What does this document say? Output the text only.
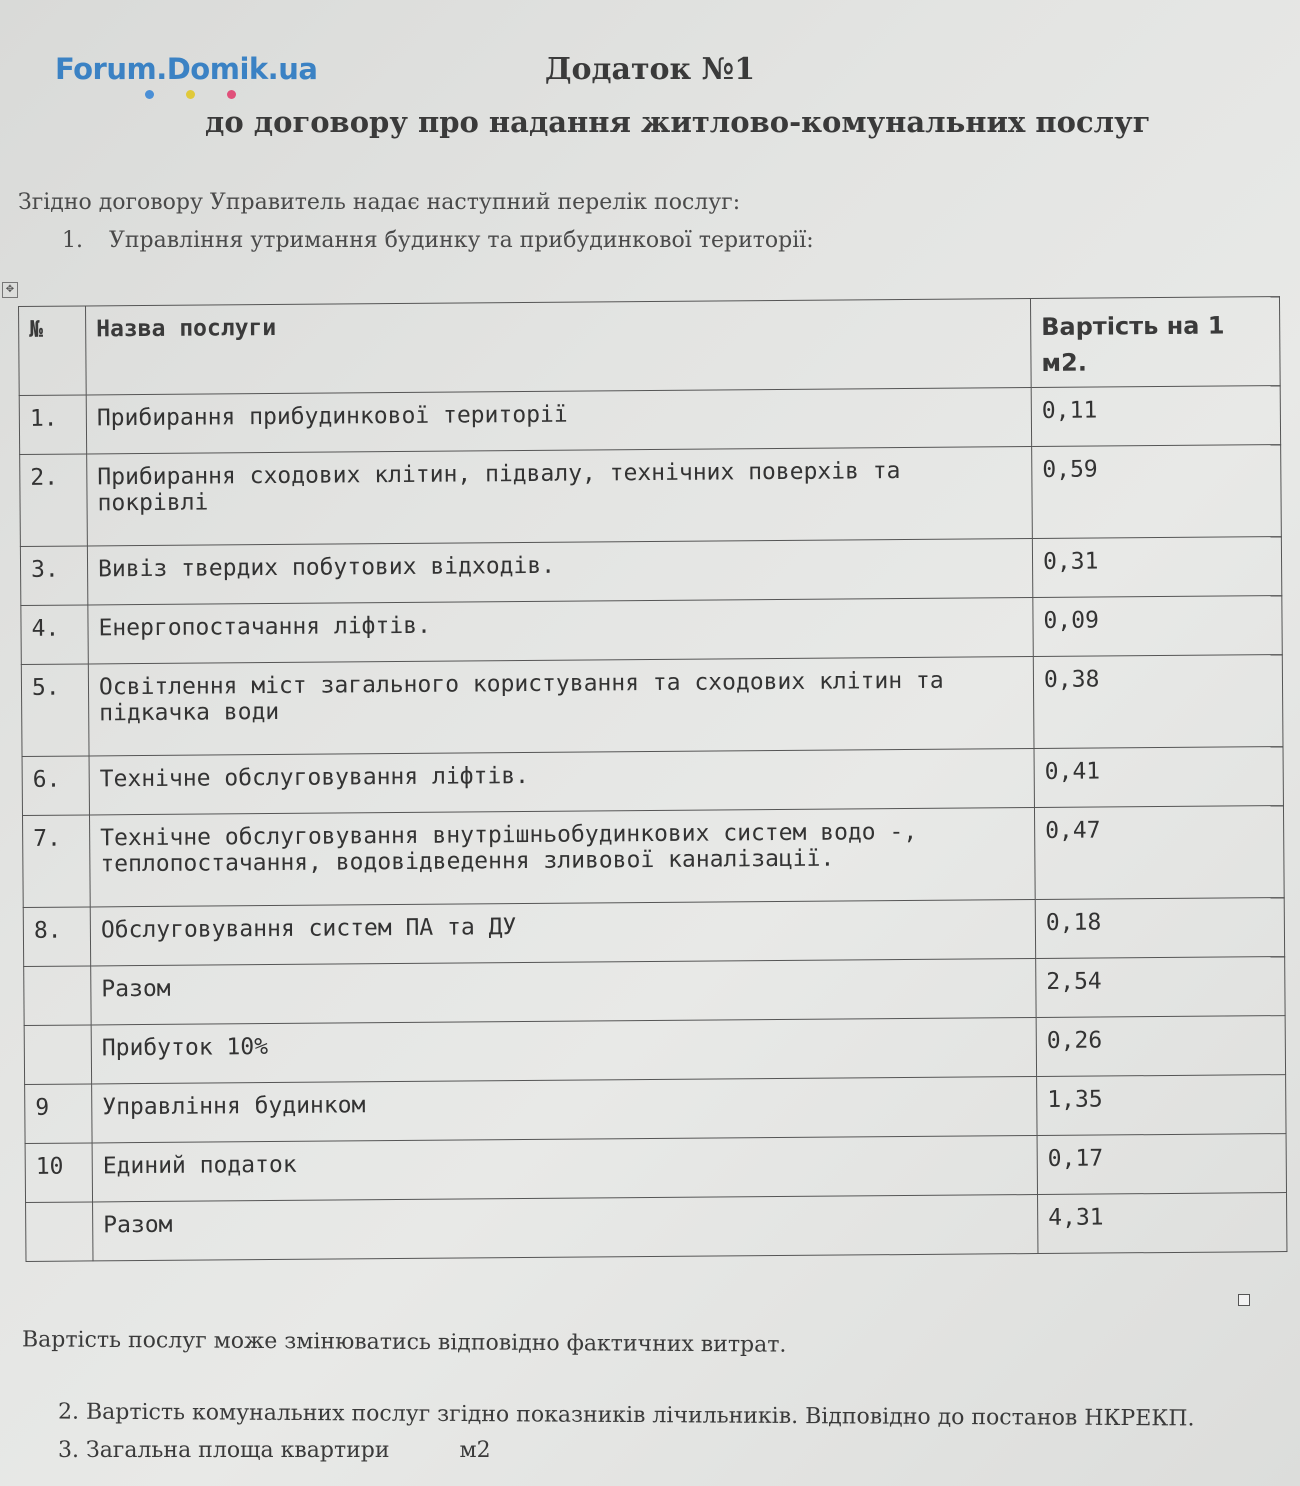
Forum.Domik.ua	Додаток №1
до договору про надання житлово-комунальних послуг
Згідно договору Управитель надає наступний перелік послуг:
1. Управління утримання будинку та прибудинкової території:
✥
№	Назва послуги	Вартість на 1 м2.
1.	Прибирання прибудинкової території	0,11
2.	Прибирання сходових клітин, підвалу, технічних поверхів та покрівлі	0,59
3.	Вивіз твердих побутових відходів.	0,31
4.	Енергопостачання ліфтів.	0,09
5.	Освітлення міст загального користування та сходових клітин та підкачка води	0,38
6.	Технічне обслуговування ліфтів.	0,41
7.	Технічне обслуговування внутрішньобудинкових систем водо -, теплопостачання, водовідведення зливової каналізації.	0,47
8.	Обслуговування систем ПА та ДУ	0,18
	Разом	2,54
	Прибуток 10%	0,26
9	Управління будинком	1,35
10	Единий податок	0,17
	Разом	4,31
Вартість послуг може змінюватись відповідно фактичних витрат.
2. Вартість комунальних послуг згідно показників лічильників. Відповідно до постанов НКРЕКП.
3. Загальна площа квартири	м2
